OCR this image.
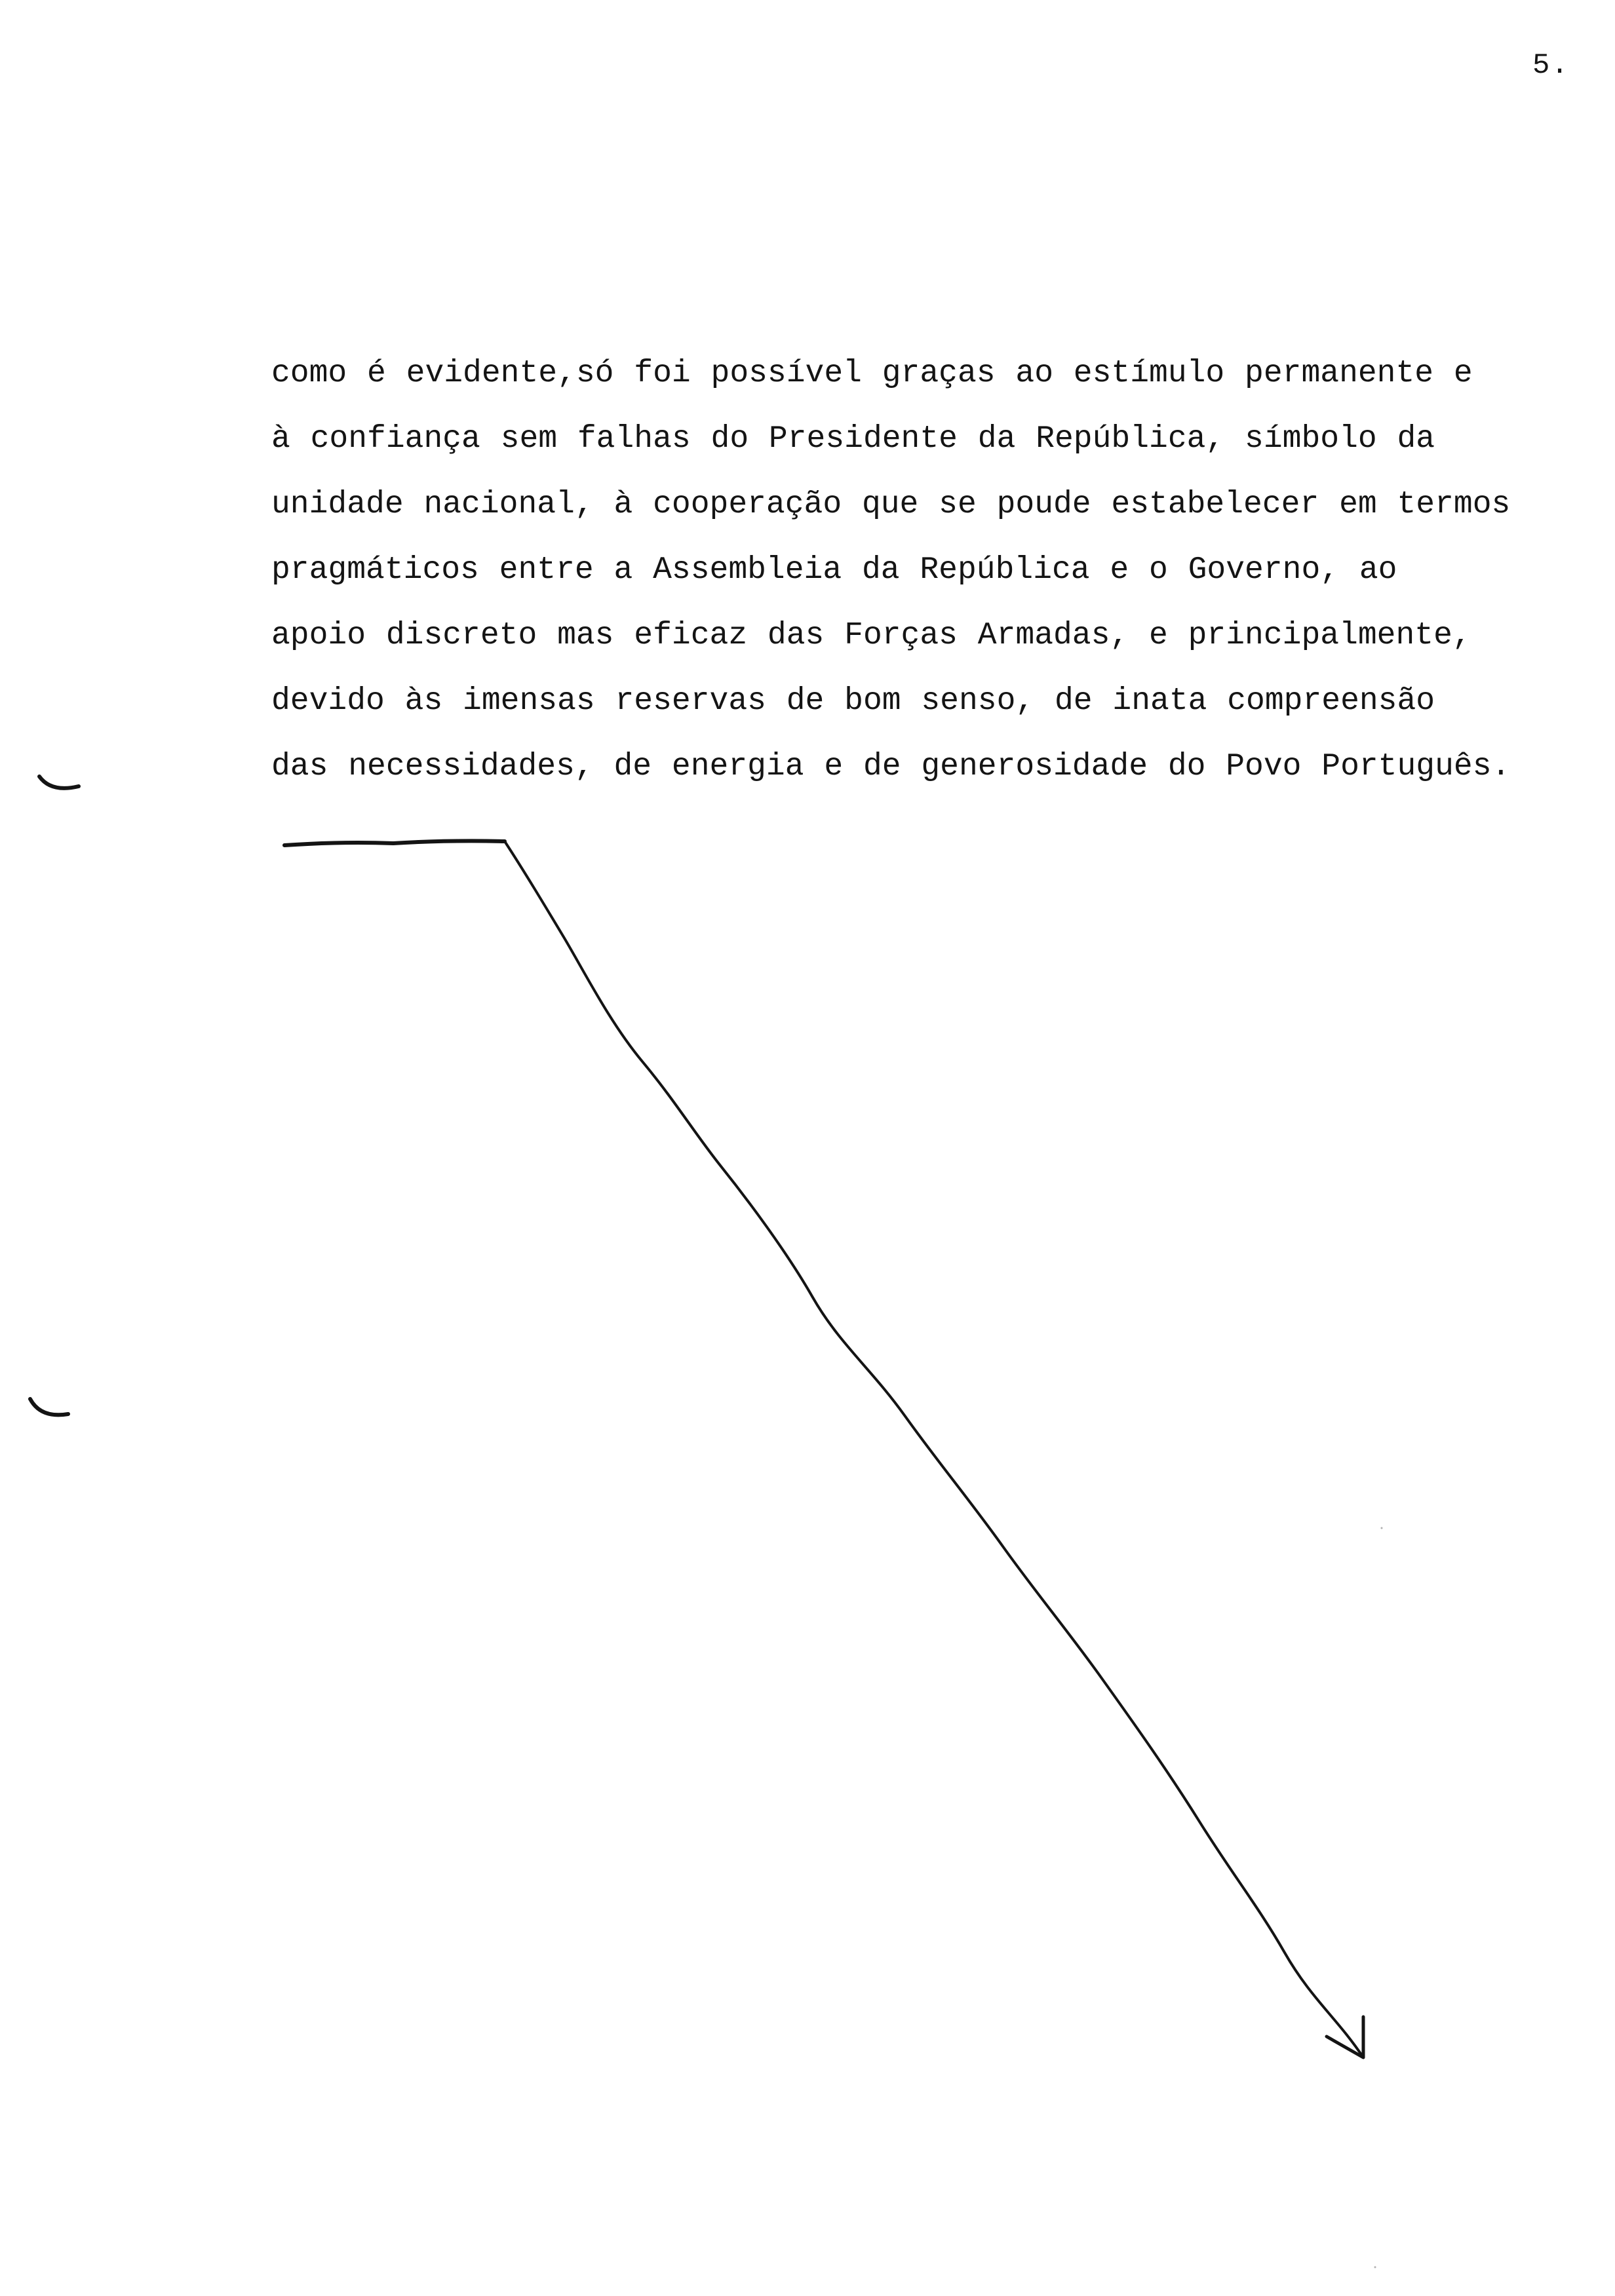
5.
como é evidente,só foi possível graças ao estímulo permanente e
à confiança sem falhas do Presidente da República, símbolo da
unidade nacional, à cooperação que se poude estabelecer em termos
pragmáticos entre a Assembleia da República e o Governo, ao
apoio discreto mas eficaz das Forças Armadas, e principalmente,
devido às imensas reservas de bom senso, de inata compreensão
das necessidades, de energia e de generosidade do Povo Português.
